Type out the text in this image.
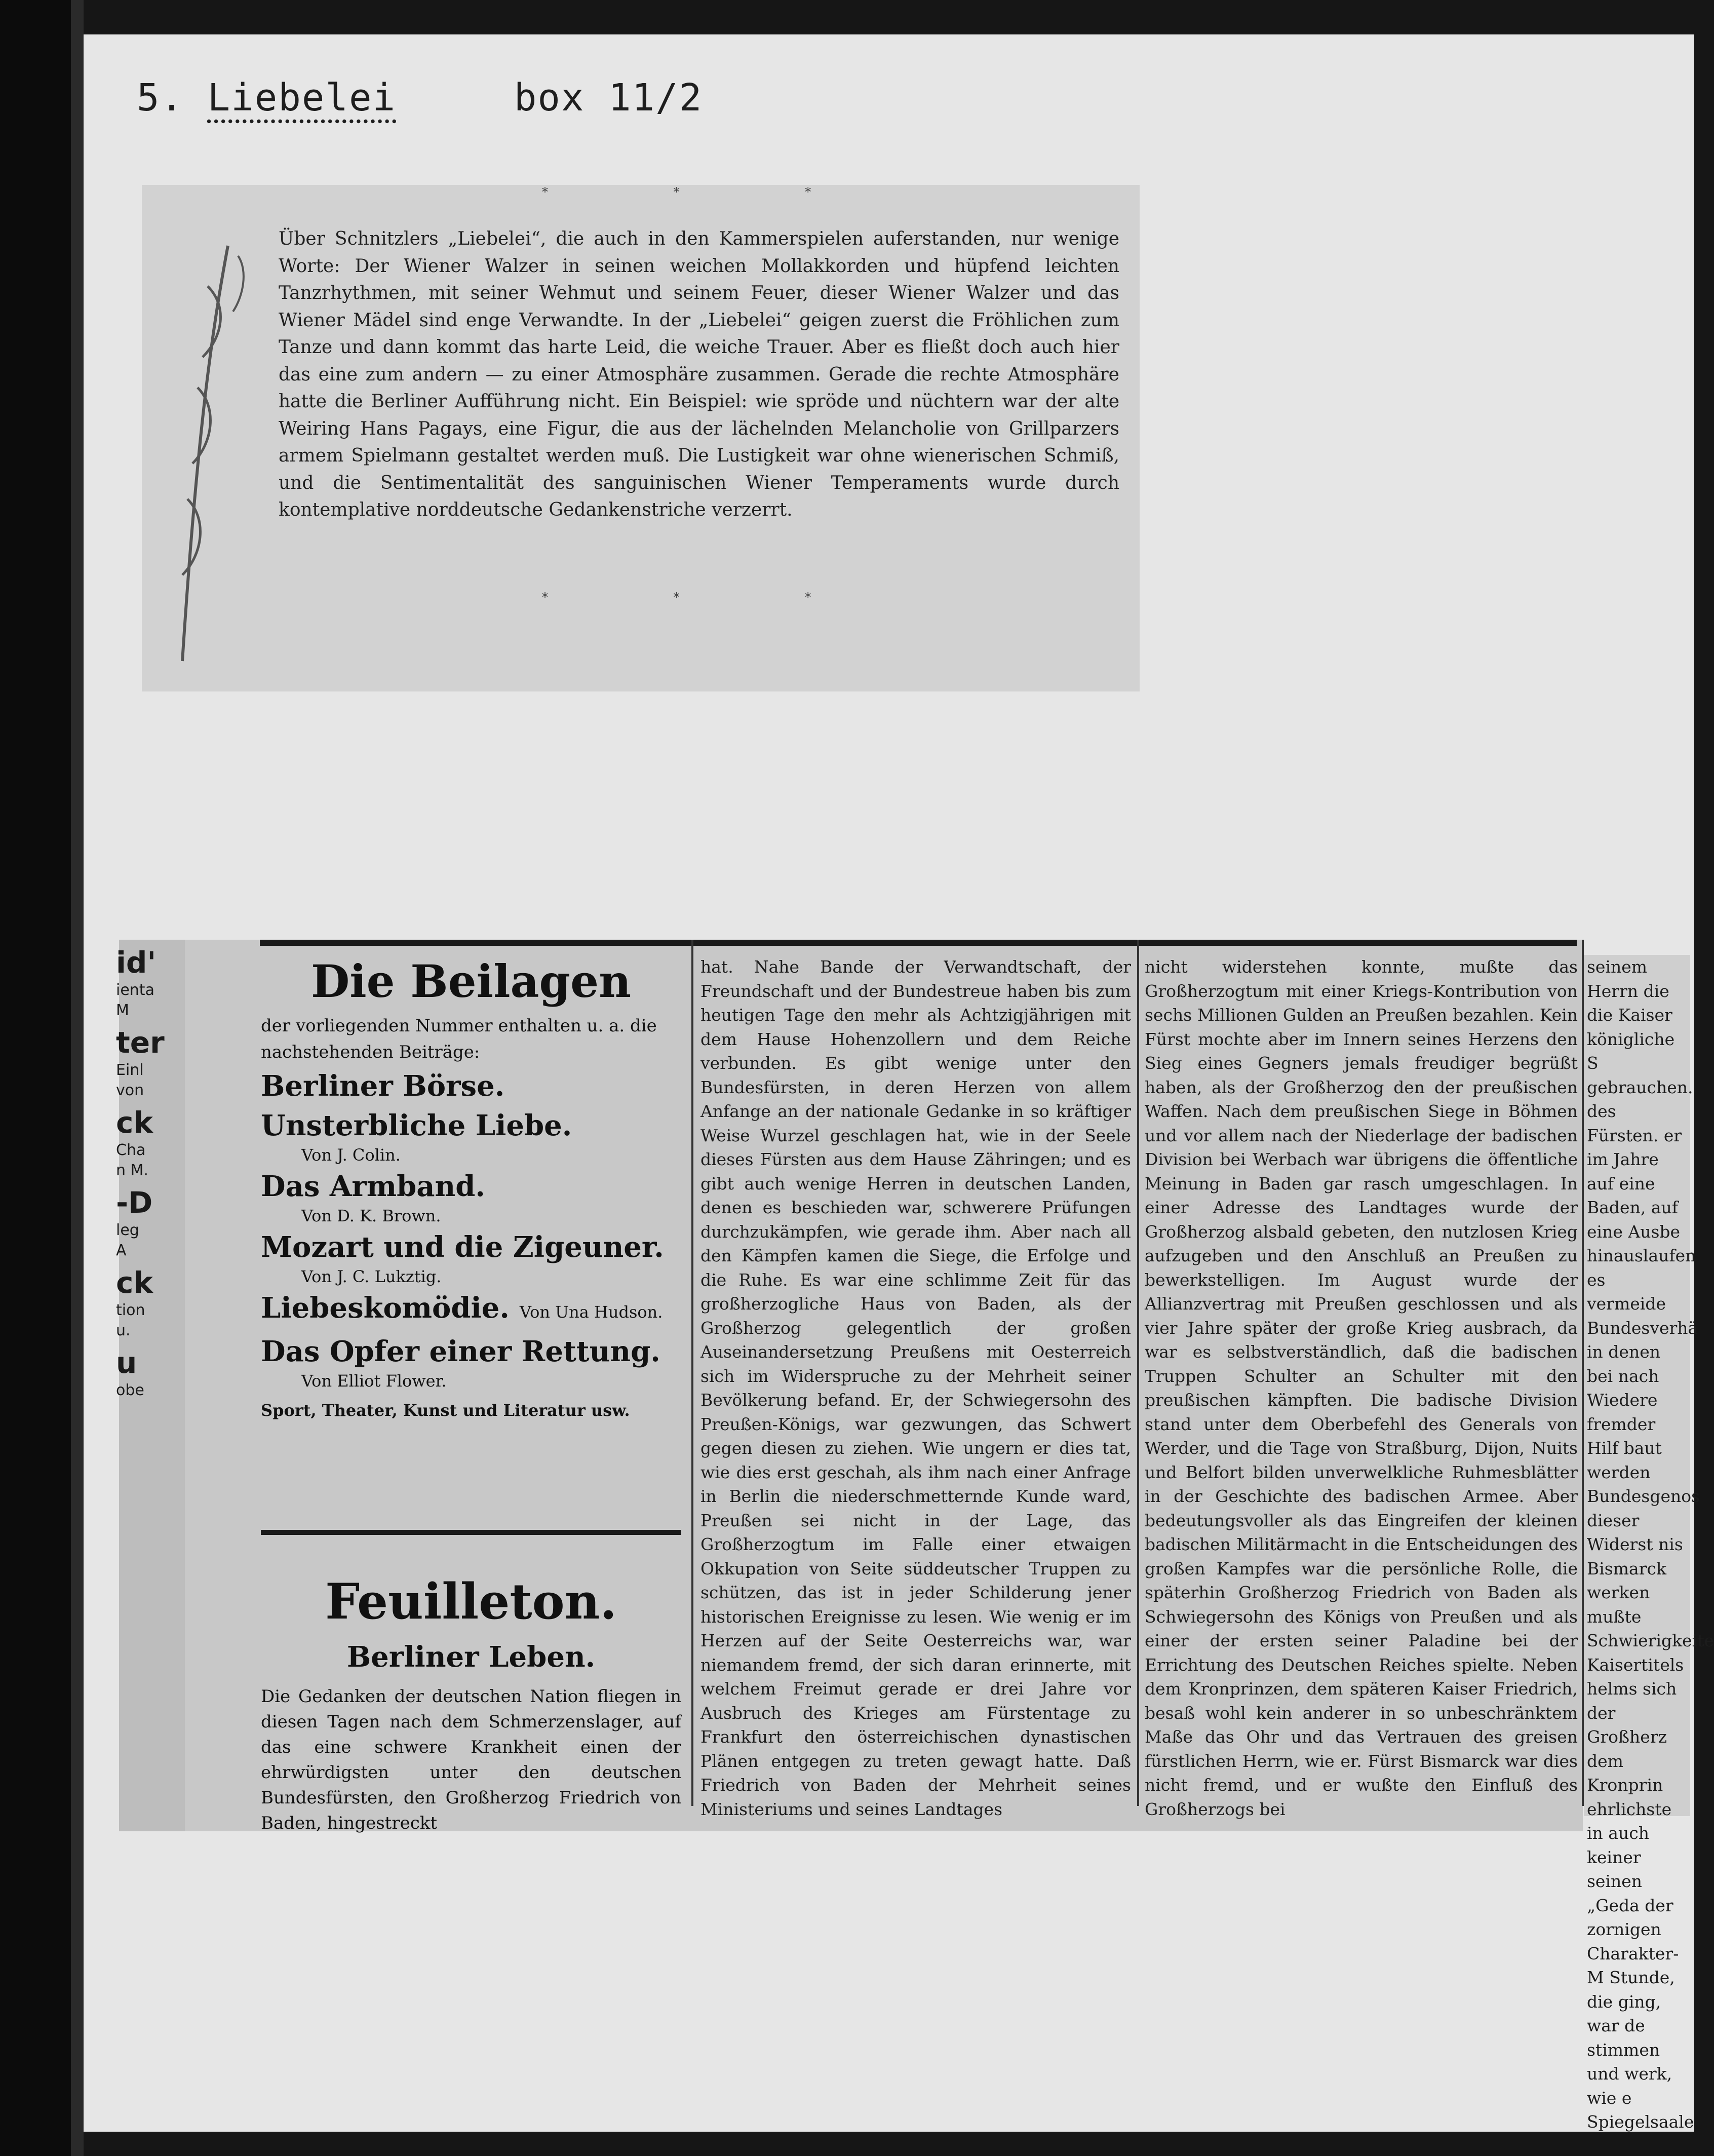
5. Liebelei	box 11/2
* * *
Über Schnitzlers „Liebelei“, die auch in den Kammerspielen auferstanden, nur wenige Worte: Der Wiener Walzer in seinen weichen Mollakkorden und hüpfend leichten Tanzrhythmen, mit seiner Wehmut und seinem Feuer, dieser Wiener Walzer und das Wiener Mädel sind enge Verwandte. In der „Liebelei“ geigen zuerst die Fröhlichen zum Tanze und dann kommt das harte Leid, die weiche Trauer. Aber es fließt doch auch hier das eine zum andern — zu einer Atmosphäre zusammen. Gerade die rechte Atmosphäre hatte die Berliner Aufführung nicht. Ein Beispiel: wie spröde und nüchtern war der alte Weiring Hans Pagays, eine Figur, die aus der lächelnden Melancholie von Grillparzers armem Spielmann gestaltet werden muß. Die Lustigkeit war ohne wienerischen Schmiß, und die Sentimentalität des sanguinischen Wiener Temperaments wurde durch kontemplative norddeutsche Gedankenstriche verzerrt.
* * *
id'
ienta
M
ter
Einl
von
ck
Cha
n M.
-D
leg
A
ck
tion
u.
u
obe
Die Beilagen
der vorliegenden Nummer enthalten u. a. die nachstehenden Beiträge:
Berliner Börse.
Unsterbliche Liebe.
Von J. Colin.
Das Armband.
Von D. K. Brown.
Mozart und die Zigeuner.
Von J. C. Lukztig.
Liebeskomödie. Von Una Hudson.
Das Opfer einer Rettung.
Von Elliot Flower.
Sport, Theater, Kunst und Literatur usw.
Feuilleton.
Berliner Leben.
Die Gedanken der deutschen Nation fliegen in diesen Tagen nach dem Schmerzenslager, auf das eine schwere Krankheit einen der ehrwürdigsten unter den deutschen Bundesfürsten, den Großherzog Friedrich von Baden, hingestreckt
hat. Nahe Bande der Verwandtschaft, der Freundschaft und der Bundestreue haben bis zum heutigen Tage den mehr als Achtzigjährigen mit dem Hause Hohenzollern und dem Reiche verbunden. Es gibt wenige unter den Bundesfürsten, in deren Herzen von allem Anfange an der nationale Gedanke in so kräftiger Weise Wurzel geschlagen hat, wie in der Seele dieses Fürsten aus dem Hause Zähringen; und es gibt auch wenige Herren in deutschen Landen, denen es beschieden war, schwerere Prüfungen durchzukämpfen, wie gerade ihm. Aber nach all den Kämpfen kamen die Siege, die Erfolge und die Ruhe. Es war eine schlimme Zeit für das großherzogliche Haus von Baden, als der Großherzog gelegentlich der großen Auseinandersetzung Preußens mit Oesterreich sich im Widerspruche zu der Mehrheit seiner Bevölkerung befand. Er, der Schwiegersohn des Preußen-Königs, war gezwungen, das Schwert gegen diesen zu ziehen. Wie ungern er dies tat, wie dies erst geschah, als ihm nach einer Anfrage in Berlin die niederschmetternde Kunde ward, Preußen sei nicht in der Lage, das Großherzogtum im Falle einer etwaigen Okkupation von Seite süddeutscher Truppen zu schützen, das ist in jeder Schilderung jener historischen Ereignisse zu lesen. Wie wenig er im Herzen auf der Seite Oesterreichs war, war niemandem fremd, der sich daran erinnerte, mit welchem Freimut gerade er drei Jahre vor Ausbruch des Krieges am Fürstentage zu Frankfurt den österreichischen dynastischen Plänen entgegen zu treten gewagt hatte. Daß Friedrich von Baden der Mehrheit seines Ministeriums und seines Landtages
nicht widerstehen konnte, mußte das Großherzogtum mit einer Kriegs-Kontribution von sechs Millionen Gulden an Preußen bezahlen. Kein Fürst mochte aber im Innern seines Herzens den Sieg eines Gegners jemals freudiger begrüßt haben, als der Großherzog den der preußischen Waffen. Nach dem preußischen Siege in Böhmen und vor allem nach der Niederlage der badischen Division bei Werbach war übrigens die öffentliche Meinung in Baden gar rasch umgeschlagen. In einer Adresse des Landtages wurde der Großherzog alsbald gebeten, den nutzlosen Krieg aufzugeben und den Anschluß an Preußen zu bewerkstelligen. Im August wurde der Allianzvertrag mit Preußen geschlossen und als vier Jahre später der große Krieg ausbrach, da war es selbstverständlich, daß die badischen Truppen Schulter an Schulter mit den preußischen kämpften. Die badische Division stand unter dem Oberbefehl des Generals von Werder, und die Tage von Straßburg, Dijon, Nuits und Belfort bilden unverwelkliche Ruhmesblätter in der Geschichte des badischen Armee. Aber bedeutungsvoller als das Eingreifen der kleinen badischen Militärmacht in die Entscheidungen des großen Kampfes war die persönliche Rolle, die späterhin Großherzog Friedrich von Baden als Schwiegersohn des Königs von Preußen und als einer der ersten seiner Paladine bei der Errichtung des Deutschen Reiches spielte. Neben dem Kronprinzen, dem späteren Kaiser Friedrich, besaß wohl kein anderer in so unbeschränktem Maße das Ohr und das Vertrauen des greisen fürstlichen Herrn, wie er. Fürst Bismarck war dies nicht fremd, und er wußte den Einfluß des Großherzogs bei
seinem Herrn die die Kaiser königliche S gebrauchen. des Fürsten. er im Jahre auf eine Baden, auf eine Ausbe hinauslaufen es vermeide Bundesverhä in denen bei nach Wiedere fremder Hilf baut werden Bundesgenos dieser Widerst nis Bismarck werken mußte Schwierigkeite Kaisertitels helms sich der Großherz dem Kronprin ehrlichste in auch keiner seinen „Geda der zornigen Charakter-M Stunde, die ging, war de stimmen und werk, wie e Spiegelsaale
